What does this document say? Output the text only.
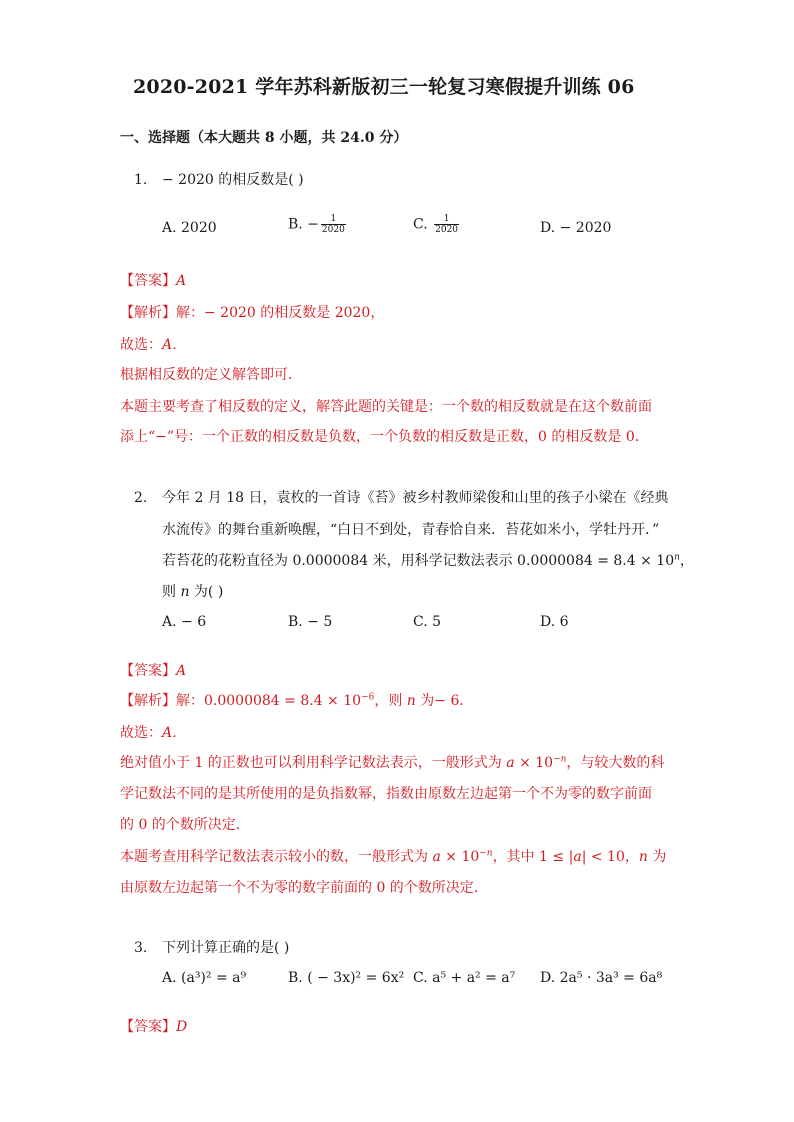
2020-2021 学年苏科新版初三一轮复习寒假提升训练 06
一、选择题（本大题共 8 小题，共 24.0 分）
1. − 2020 的相反数是( )
A. 2020	B. − $\frac{1}{2020}$	C. $\frac{1}{2020}$	D. − 2020
【答案】A
【解析】解：− 2020 的相反数是 2020，
故选：A．
根据相反数的定义解答即可．
本题主要考查了相反数的定义，解答此题的关键是：一个数的相反数就是在这个数前面
添上“−”号：一个正数的相反数是负数，一个负数的相反数是正数，0 的相反数是 0．
2. 今年 2 月 18 日，袁枚的一首诗《苔》被乡村教师梁俊和山里的孩子小梁在《经典
水流传》的舞台重新唤醒，“白日不到处，青春恰自来．苔花如米小，学牡丹开．”
若苔花的花粉直径为 0.0000084 米，用科学记数法表示 $0.0000084 = 8.4 \times 10^n$，
则 n 为( )
A. − 6	B. − 5	C. 5	D. 6
【答案】A
【解析】解：$0.0000084 = 8.4 \times 10^{-6}$，则 n 为− 6．
故选：A．
绝对值小于 1 的正数也可以利用科学记数法表示，一般形式为 $a \times 10^{-n}$，与较大数的科
学记数法不同的是其所使用的是负指数幂，指数由原数左边起第一个不为零的数字前面
的 0 的个数所决定．
本题考查用科学记数法表示较小的数，一般形式为 $a \times 10^{-n}$，其中 1 ≤ |a| < 10，n 为
由原数左边起第一个不为零的数字前面的 0 的个数所决定．
3. 下列计算正确的是( )
A. (a³)² = a⁹	B. ( − 3x)² = 6x² C. a⁵ + a² = a⁷ D. 2a⁵ · 3a³ = 6a⁸
【答案】D
